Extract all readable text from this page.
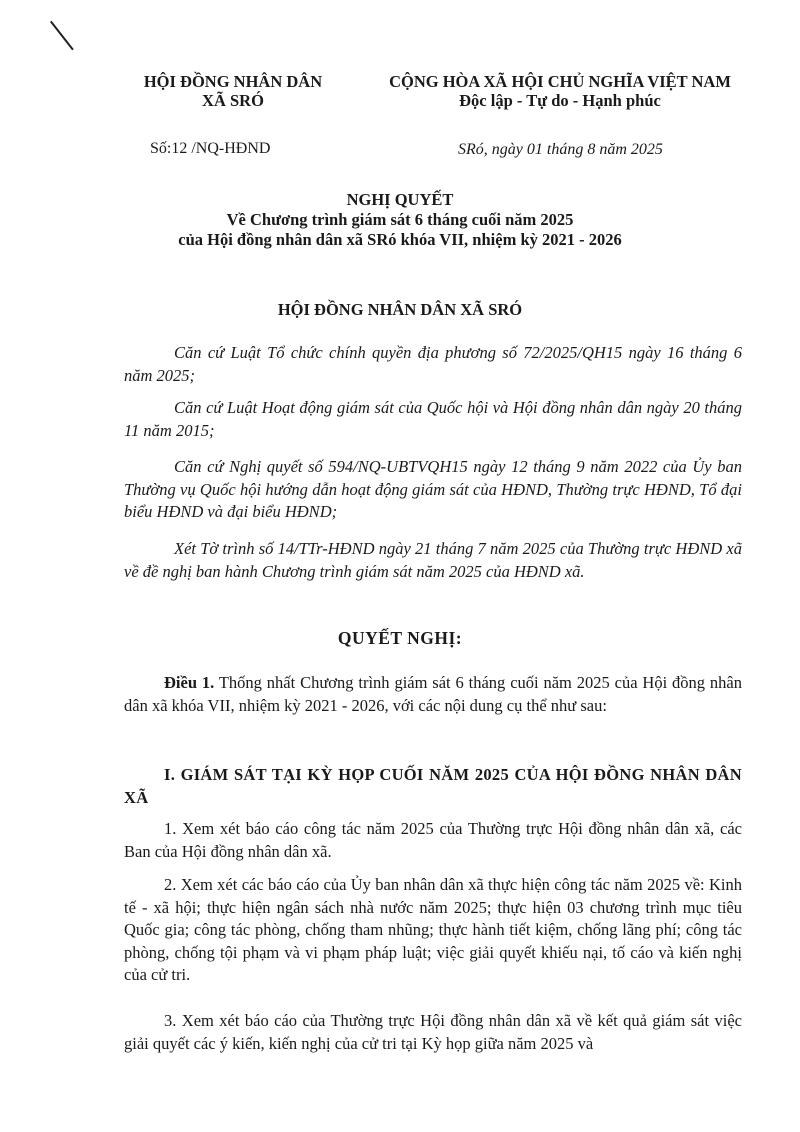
HỘI ĐỒNG NHÂN DÂN
XÃ SRÓ
CỘNG HÒA XÃ HỘI CHỦ NGHĨA VIỆT NAM
Độc lập - Tự do - Hạnh phúc
Số:12 /NQ-HĐND	SRó, ngày 01 tháng 8 năm 2025
NGHỊ QUYẾT
Về Chương trình giám sát 6 tháng cuối năm 2025
của Hội đồng nhân dân xã SRó khóa VII, nhiệm kỳ 2021 - 2026
HỘI ĐỒNG NHÂN DÂN XÃ SRÓ

Căn cứ Luật Tổ chức chính quyền địa phương số 72/2025/QH15 ngày 16 tháng 6 năm 2025;

Căn cứ Luật Hoạt động giám sát của Quốc hội và Hội đồng nhân dân ngày 20 tháng 11 năm 2015;

Căn cứ Nghị quyết số 594/NQ-UBTVQH15 ngày 12 tháng 9 năm 2022 của Ủy ban Thường vụ Quốc hội hướng dẫn hoạt động giám sát của HĐND, Thường trực HĐND, Tổ đại biểu HĐND và đại biểu HĐND;

Xét Tờ trình số 14/TTr-HĐND ngày 21 tháng 7 năm 2025 của Thường trực HĐND xã về đề nghị ban hành Chương trình giám sát năm 2025 của HĐND xã.

QUYẾT NGHỊ:

Điều 1. Thống nhất Chương trình giám sát 6 tháng cuối năm 2025 của Hội đồng nhân dân xã khóa VII, nhiệm kỳ 2021 - 2026, với các nội dung cụ thể như sau:

I. GIÁM SÁT TẠI KỲ HỌP CUỐI NĂM 2025 CỦA HỘI ĐỒNG NHÂN DÂN XÃ

1. Xem xét báo cáo công tác năm 2025 của Thường trực Hội đồng nhân dân xã, các Ban của Hội đồng nhân dân xã.

2. Xem xét các báo cáo của Ủy ban nhân dân xã thực hiện công tác năm 2025 về: Kinh tế - xã hội; thực hiện ngân sách nhà nước năm 2025; thực hiện 03 chương trình mục tiêu Quốc gia; công tác phòng, chống tham nhũng; thực hành tiết kiệm, chống lãng phí; công tác phòng, chống tội phạm và vi phạm pháp luật; việc giải quyết khiếu nại, tố cáo và kiến nghị của cử tri.

3. Xem xét báo cáo của Thường trực Hội đồng nhân dân xã về kết quả giám sát việc giải quyết các ý kiến, kiến nghị của cử tri tại Kỳ họp giữa năm 2025 và
